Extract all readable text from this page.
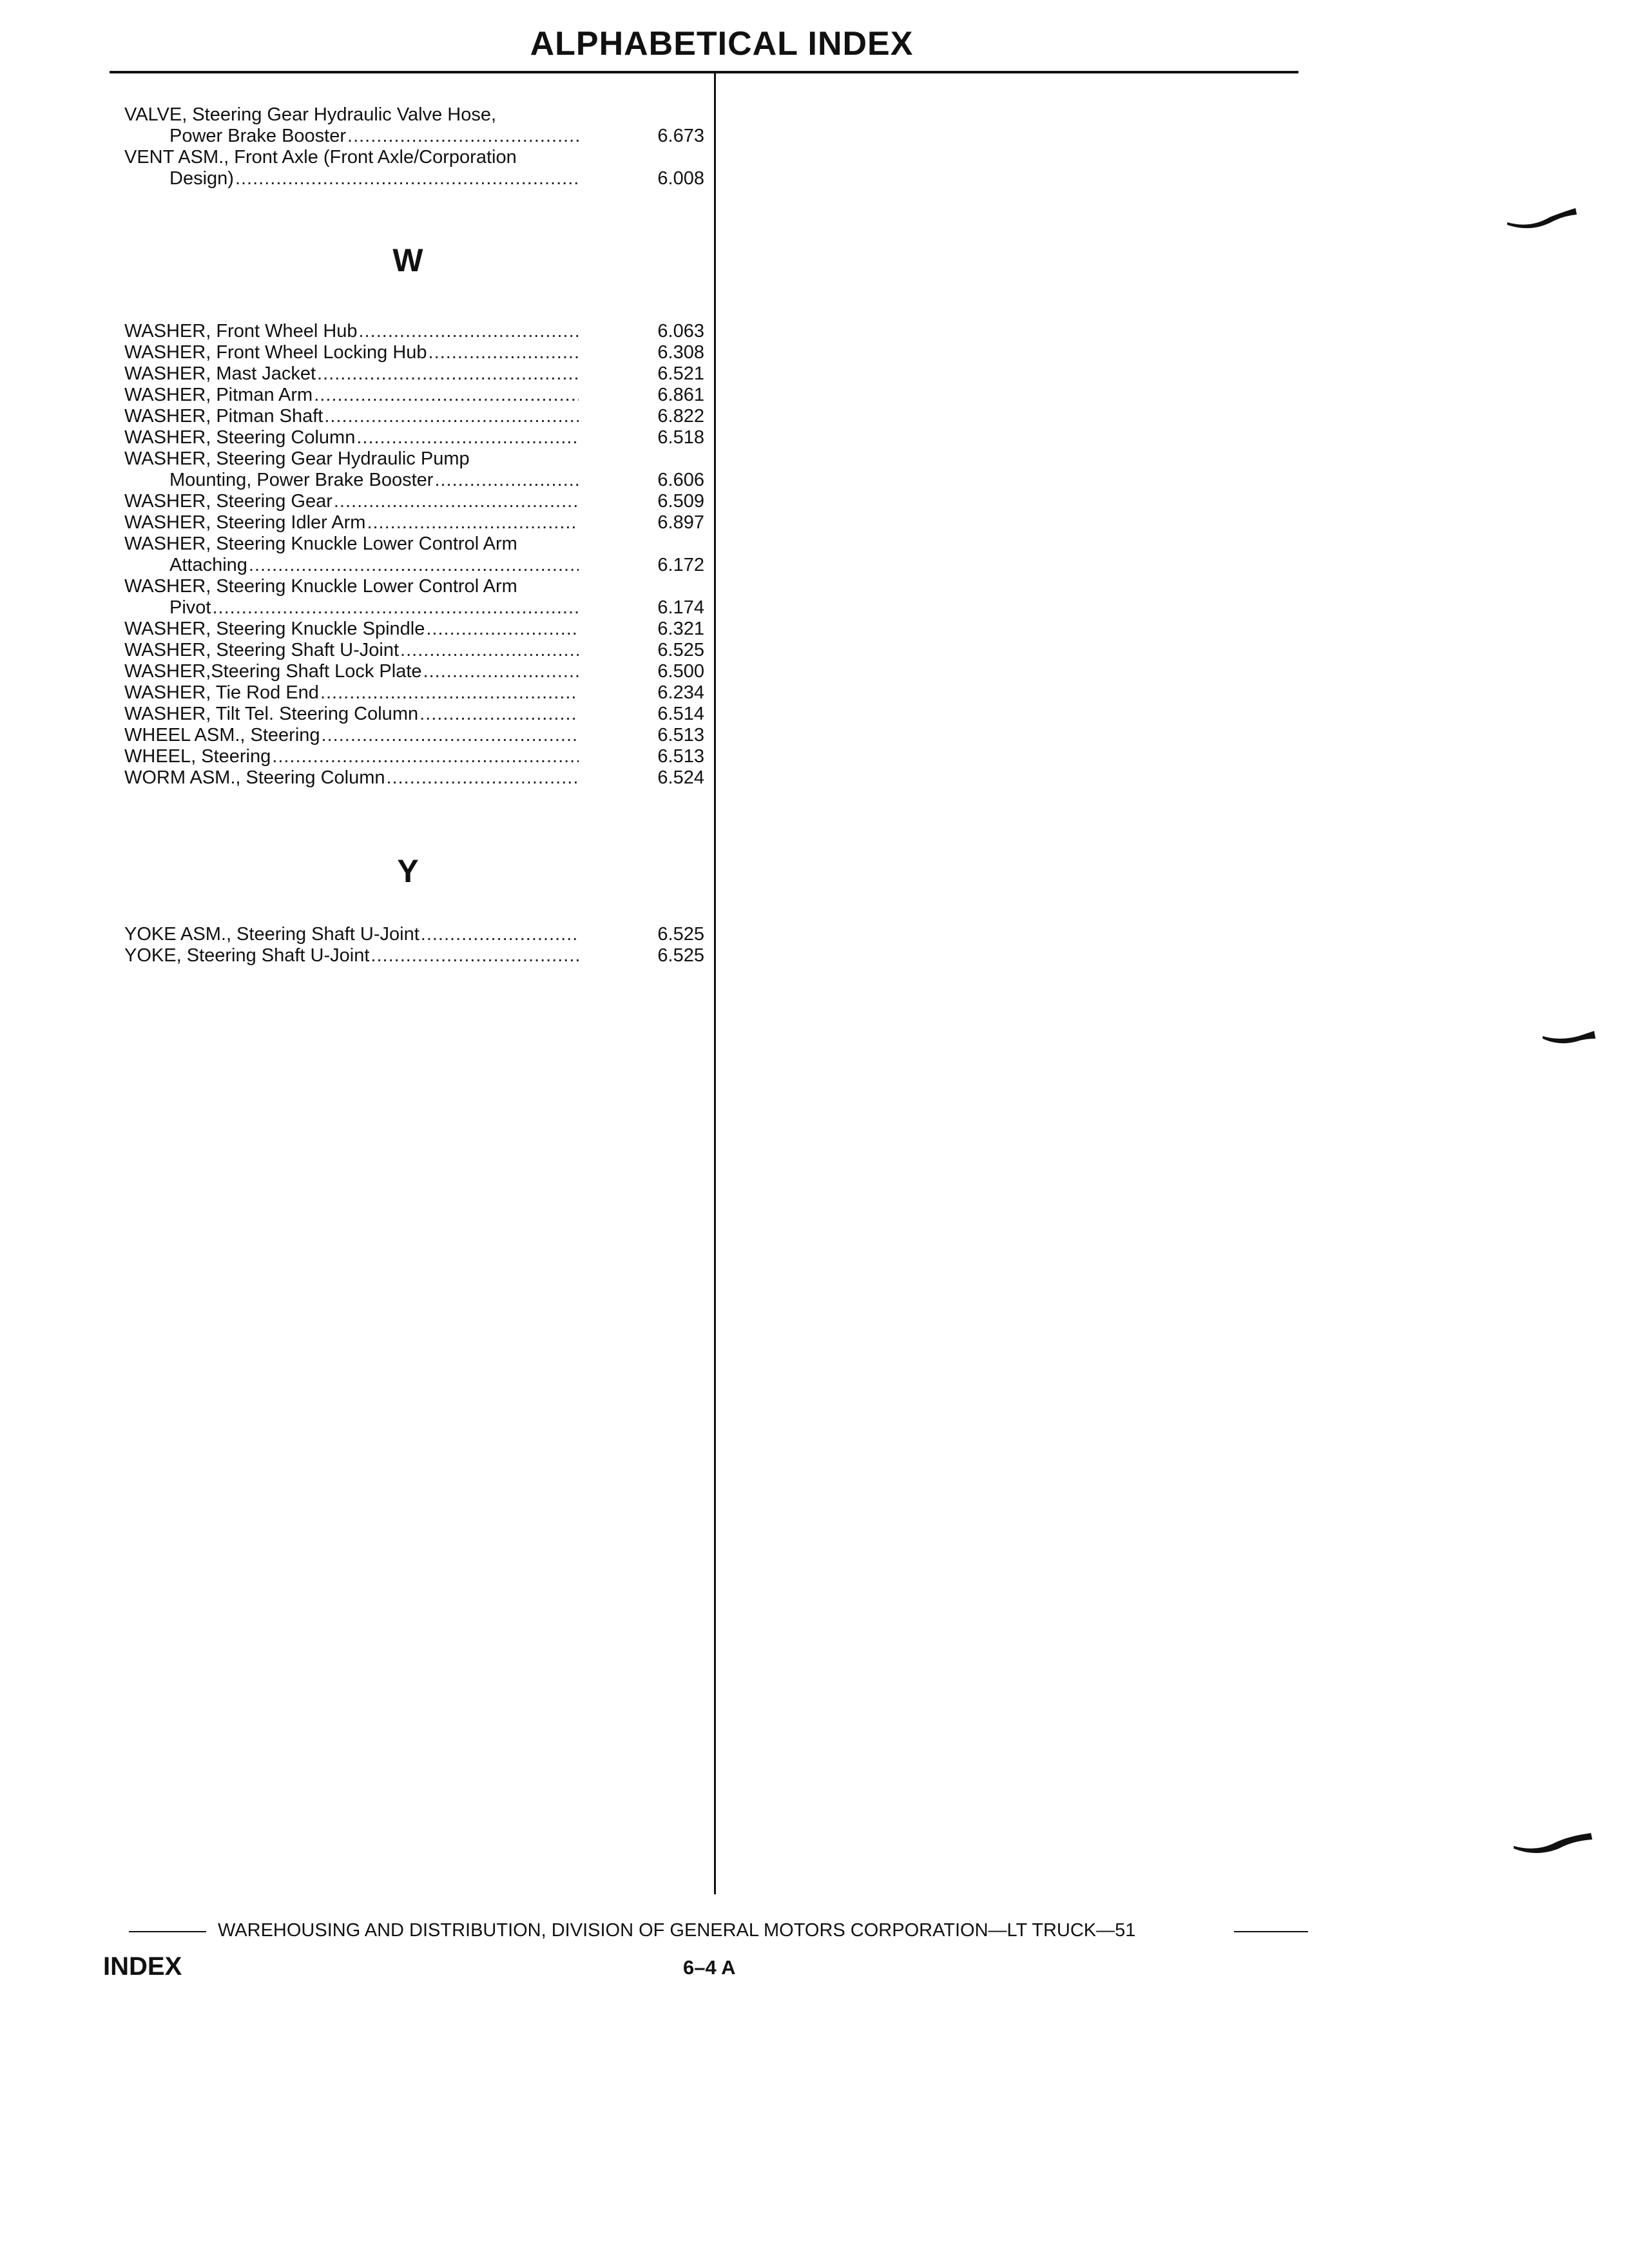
ALPHABETICAL INDEX
VALVE, Steering Gear Hydraulic Valve Hose,
Power Brake Booster .....	6.673
VENT ASM., Front Axle (Front Axle/Corporation
Design) .....	6.008
W
WASHER, Front Wheel Hub .....	6.063
WASHER, Front Wheel Locking Hub .....	6.308
WASHER, Mast Jacket .....	6.521
WASHER, Pitman Arm .....	6.861
WASHER, Pitman Shaft .....	6.822
WASHER, Steering Column .....	6.518
WASHER, Steering Gear Hydraulic Pump
Mounting, Power Brake Booster .....	6.606
WASHER, Steering Gear .....	6.509
WASHER, Steering Idler Arm .....	6.897
WASHER, Steering Knuckle Lower Control Arm
Attaching .....	6.172
WASHER, Steering Knuckle Lower Control Arm
Pivot .....	6.174
WASHER, Steering Knuckle Spindle .....	6.321
WASHER, Steering Shaft U-Joint .....	6.525
WASHER,Steering Shaft Lock Plate .....	6.500
WASHER, Tie Rod End .....	6.234
WASHER, Tilt Tel. Steering Column .....	6.514
WHEEL ASM., Steering .....	6.513
WHEEL, Steering .....	6.513
WORM ASM., Steering Column .....	6.524
Y
YOKE ASM., Steering Shaft U-Joint .....	6.525
YOKE, Steering Shaft U-Joint .....	6.525
WAREHOUSING AND DISTRIBUTION, DIVISION OF GENERAL MOTORS CORPORATION—LT TRUCK—51
INDEX	6–4 A
